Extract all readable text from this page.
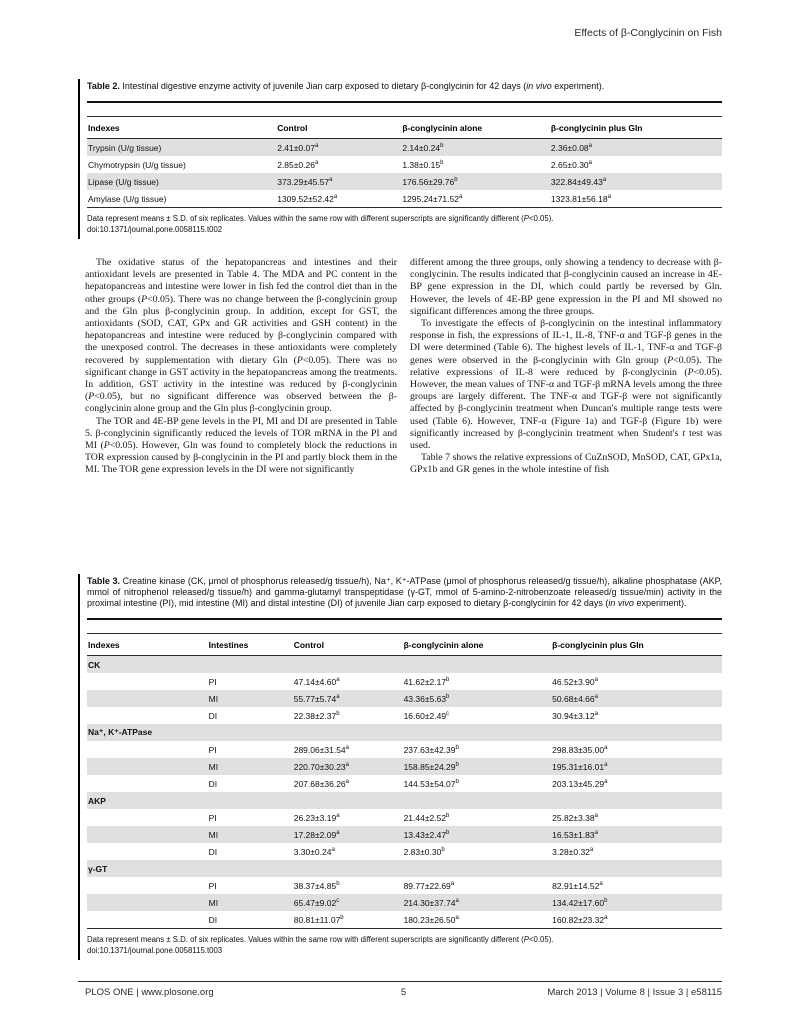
Effects of β-Conglycinin on Fish
Table 2. Intestinal digestive enzyme activity of juvenile Jian carp exposed to dietary β-conglycinin for 42 days (in vivo experiment).
Indexes	Control	β-conglycinin alone	β-conglycinin plus Gln
Trypsin (U/g tissue)	2.41±0.07$^a$	2.14±0.24$^b$	2.36±0.08$^a$
Chymotrypsin (U/g tissue)	2.85±0.26$^a$	1.38±0.15$^b$	2.65±0.30$^a$
Lipase (U/g tissue)	373.29±45.57$^a$	176.56±29.76$^b$	322.84±49.43$^a$
Amylase (U/g tissue)	1309.52±52.42$^a$	1295.24±71.52$^a$	1323.81±56.18$^a$
Data represent means ± S.D. of six replicates. Values within the same row with different superscripts are significantly different (P<0.05).
doi:10.1371/journal.pone.0058115.t002

The oxidative status of the hepatopancreas and intestines and their antioxidant levels are presented in Table 4. The MDA and PC content in the hepatopancreas and intestine were lower in fish fed the control diet than in the other groups (P<0.05). There was no change between the β-conglycinin group and the Gln plus β-conglycinin group. In addition, except for GST, the antioxidants (SOD, CAT, GPx and GR activities and GSH content) in the hepatopancreas and intestine were reduced by β-conglycinin compared with the unexposed control. The decreases in these antioxidants were completely recovered by supplementation with dietary Gln (P<0.05). There was no significant change in GST activity in the hepatopancreas among the treatments. In addition, GST activity in the intestine was reduced by β-conglycinin (P<0.05), but no significant difference was observed between the β-conglycinin alone group and the Gln plus β-conglycinin group.

The TOR and 4E-BP gene levels in the PI, MI and DI are presented in Table 5. β-conglycinin significantly reduced the levels of TOR mRNA in the PI and MI (P<0.05). However, Gln was found to completely block the reductions in TOR expression caused by β-conglycinin in the PI and partly block them in the MI. The TOR gene expression levels in the DI were not significantly

different among the three groups, only showing a tendency to decrease with β-conglycinin. The results indicated that β-conglycinin caused an increase in 4E-BP gene expression in the DI, which could partly be reversed by Gln. However, the levels of 4E-BP gene expression in the PI and MI showed no significant differences among the three groups.

To investigate the effects of β-conglycinin on the intestinal inflammatory response in fish, the expressions of IL-1, IL-8, TNF-α and TGF-β genes in the DI were determined (Table 6). The highest levels of IL-1, TNF-α and TGF-β genes were observed in the β-conglycinin with Gln group (P<0.05). The relative expressions of IL-8 were reduced by β-conglycinin (P<0.05). However, the mean values of TNF-α and TGF-β mRNA levels among the three groups are largely different. The TNF-α and TGF-β were not significantly affected by β-conglycinin treatment when Duncan's multiple range tests were used (Table 6). However, TNF-α (Figure 1a) and TGF-β (Figure 1b) were significantly increased by β-conglycinin treatment when Student's t test was used.

Table 7 shows the relative expressions of CuZnSOD, MnSOD, CAT, GPx1a, GPx1b and GR genes in the whole intestine of fish

Table 3. Creatine kinase (CK, μmol of phosphorus released/g tissue/h), Na⁺, K⁺-ATPase (μmol of phosphorus released/g tissue/h), alkaline phosphatase (AKP, mmol of nitrophenol released/g tissue/h) and gamma-glutamyl transpeptidase (γ-GT, mmol of 5-amino-2-nitrobenzoate released/g tissue/min) activity in the proximal intestine (PI), mid intestine (MI) and distal intestine (DI) of juvenile Jian carp exposed to dietary β-conglycinin for 42 days (in vivo experiment).
Indexes	Intestines	Control	β-conglycinin alone	β-conglycinin plus Gln
CK				
	PI	47.14±4.60$^a$	41.62±2.17$^b$	46.52±3.90$^a$
	MI	55.77±5.74$^a$	43.36±5.63$^b$	50.68±4.66$^a$
	DI	22.38±2.37$^b$	16.60±2.49$^c$	30.94±3.12$^a$
Na⁺, K⁺-ATPase				
	PI	289.06±31.54$^a$	237.63±42.39$^b$	298.83±35.00$^a$
	MI	220.70±30.23$^a$	158.85±24.29$^b$	195.31±16.01$^a$
	DI	207.68±36.26$^a$	144.53±54.07$^b$	203.13±45.29$^a$
AKP				
	PI	26.23±3.19$^a$	21.44±2.52$^b$	25.82±3.38$^a$
	MI	17.28±2.09$^a$	13.43±2.47$^b$	16.53±1.83$^a$
	DI	3.30±0.24$^a$	2.83±0.30$^b$	3.28±0.32$^a$
γ-GT				
	PI	38.37±4.85$^b$	89.77±22.69$^a$	82.91±14.52$^a$
	MI	65.47±9.02$^c$	214.30±37.74$^a$	134.42±17.60$^b$
	DI	80.81±11.07$^b$	180.23±26.50$^a$	160.82±23.32$^a$
Data represent means ± S.D. of six replicates. Values within the same row with different superscripts are significantly different (P<0.05).
doi:10.1371/journal.pone.0058115.t003
PLOS ONE | www.plosone.org	5	March 2013 | Volume 8 | Issue 3 | e58115
